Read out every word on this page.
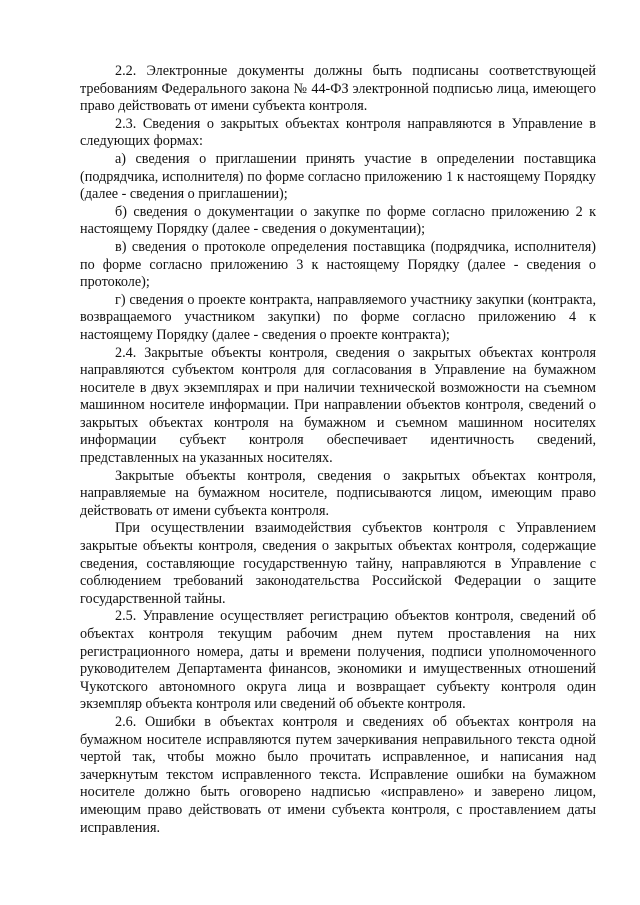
2.2. Электронные документы должны быть подписаны соответствующей требованиям Федерального закона № 44-ФЗ электронной подписью лица, имеющего право действовать от имени субъекта контроля.

2.3. Сведения о закрытых объектах контроля направляются в Управление в следующих формах:

а) сведения о приглашении принять участие в определении поставщика (подрядчика, исполнителя) по форме согласно приложению 1 к настоящему Порядку (далее - сведения о приглашении);

б) сведения о документации о закупке по форме согласно приложению 2 к настоящему Порядку (далее - сведения о документации);

в) сведения о протоколе определения поставщика (подрядчика, исполнителя) по форме согласно приложению 3 к настоящему Порядку (далее - сведения о протоколе);

г) сведения о проекте контракта, направляемого участнику закупки (контракта, возвращаемого участником закупки) по форме согласно приложению 4 к настоящему Порядку (далее - сведения о проекте контракта);

2.4. Закрытые объекты контроля, сведения о закрытых объектах контроля направляются субъектом контроля для согласования в Управление на бумажном носителе в двух экземплярах и при наличии технической возможности на съемном машинном носителе информации. При направлении объектов контроля, сведений о закрытых объектах контроля на бумажном и съемном машинном носителях информации субъект контроля обеспечивает идентичность сведений, представленных на указанных носителях.

Закрытые объекты контроля, сведения о закрытых объектах контроля, направляемые на бумажном носителе, подписываются лицом, имеющим право действовать от имени субъекта контроля.

При осуществлении взаимодействия субъектов контроля с Управлением закрытые объекты контроля, сведения о закрытых объектах контроля, содержащие сведения, составляющие государственную тайну, направляются в Управление с соблюдением требований законодательства Российской Федерации о защите государственной тайны.

2.5. Управление осуществляет регистрацию объектов контроля, сведений об объектах контроля текущим рабочим днем путем проставления на них регистрационного номера, даты и времени получения, подписи уполномоченного руководителем Департамента финансов, экономики и имущественных отношений Чукотского автономного округа лица и возвращает субъекту контроля один экземпляр объекта контроля или сведений об объекте контроля.

2.6. Ошибки в объектах контроля и сведениях об объектах контроля на бумажном носителе исправляются путем зачеркивания неправильного текста одной чертой так, чтобы можно было прочитать исправленное, и написания над зачеркнутым текстом исправленного текста. Исправление ошибки на бумажном носителе должно быть оговорено надписью «исправлено» и заверено лицом, имеющим право действовать от имени субъекта контроля, с проставлением даты исправления.
